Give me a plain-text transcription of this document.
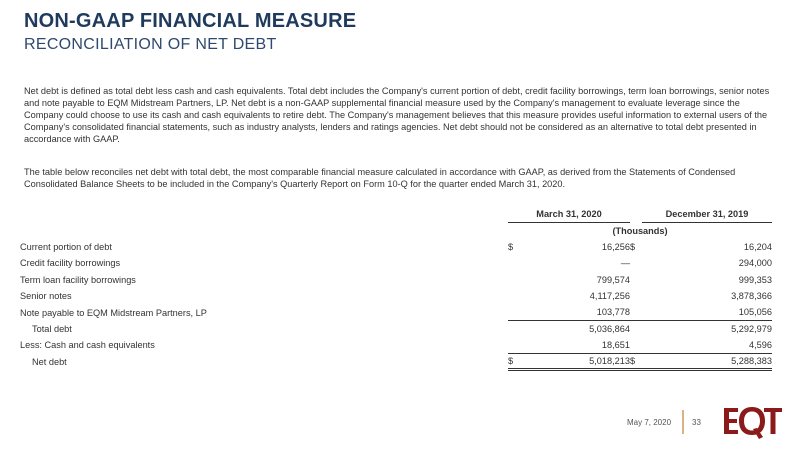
NON-GAAP FINANCIAL MEASURE
RECONCILIATION OF NET DEBT

Net debt is defined as total debt less cash and cash equivalents. Total debt includes the Company's current portion of debt, credit facility borrowings, term loan borrowings, senior notes and note payable to EQM Midstream Partners, LP. Net debt is a non-GAAP supplemental financial measure used by the Company's management to evaluate leverage since the Company could choose to use its cash and cash equivalents to retire debt. The Company's management believes that this measure provides useful information to external users of the Company's consolidated financial statements, such as industry analysts, lenders and ratings agencies. Net debt should not be considered as an alternative to total debt presented in accordance with GAAP.

The table below reconciles net debt with total debt, the most comparable financial measure calculated in accordance with GAAP, as derived from the Statements of Condensed Consolidated Balance Sheets to be included in the Company's Quarterly Report on Form 10-Q for the quarter ended March 31, 2020.

	March 31, 2020			December 31, 2019
	(Thousands)			
Current portion of debt	$	16,256	$	16,204
Credit facility borrowings		—		294,000
Term loan facility borrowings		799,574		999,353
Senior notes		4,117,256		3,878,366
Note payable to EQM Midstream Partners, LP		103,778		105,056
Total debt		5,036,864		5,292,979
Less: Cash and cash equivalents		18,651		4,596
Net debt	$	5,018,213	$	5,288,383
May 7, 2020	33
